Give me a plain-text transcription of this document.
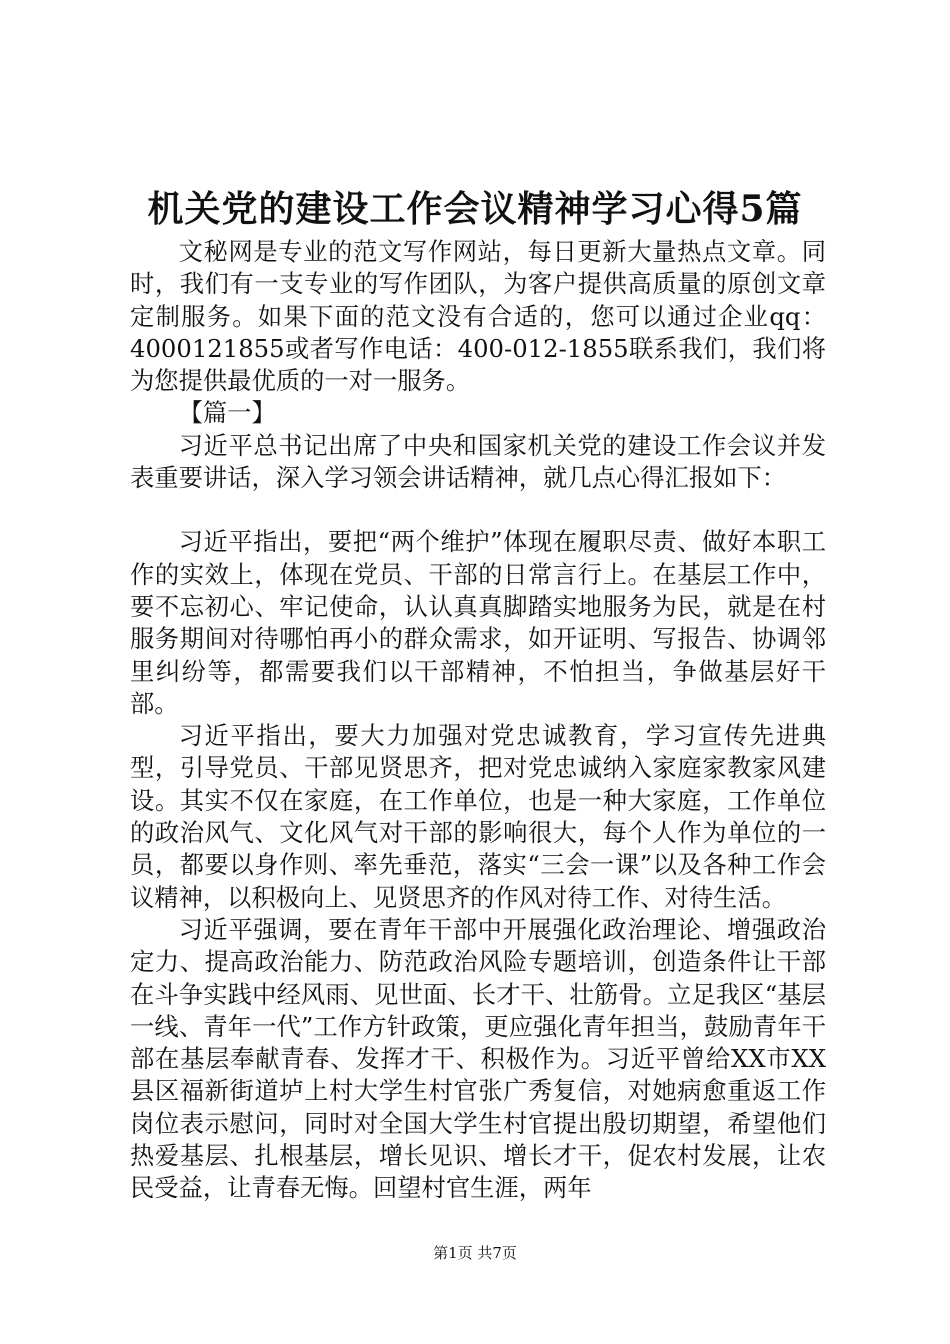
机关党的建设工作会议精神学习心得5篇

文秘网是专业的范文写作网站，每日更新大量热点文章。同时，我们有一支专业的写作团队，为客户提供高质量的原创文章定制服务。如果下面的范文没有合适的，您可以通过企业qq：4000121855或者写作电话：400-012-1855联系我们，我们将为您提供最优质的一对一服务。

【篇一】

习近平总书记出席了中央和国家机关党的建设工作会议并发表重要讲话，深入学习领会讲话精神，就几点心得汇报如下：

习近平指出，要把“两个维护”体现在履职尽责、做好本职工作的实效上，体现在党员、干部的日常言行上。在基层工作中，要不忘初心、牢记使命，认认真真脚踏实地服务为民，就是在村服务期间对待哪怕再小的群众需求，如开证明、写报告、协调邻里纠纷等，都需要我们以干部精神，不怕担当，争做基层好干部。

习近平指出，要大力加强对党忠诚教育，学习宣传先进典型，引导党员、干部见贤思齐，把对党忠诚纳入家庭家教家风建设。其实不仅在家庭，在工作单位，也是一种大家庭，工作单位的政治风气、文化风气对干部的影响很大，每个人作为单位的一员，都要以身作则、率先垂范，落实“三会一课”以及各种工作会议精神，以积极向上、见贤思齐的作风对待工作、对待生活。

习近平强调，要在青年干部中开展强化政治理论、增强政治定力、提高政治能力、防范政治风险专题培训，创造条件让干部在斗争实践中经风雨、见世面、长才干、壮筋骨。立足我区“基层一线、青年一代”工作方针政策，更应强化青年担当，鼓励青年干部在基层奉献青春、发挥才干、积极作为。习近平曾给XX市XX县区福新街道垆上村大学生村官张广秀复信，对她病愈重返工作岗位表示慰问，同时对全国大学生村官提出殷切期望，希望他们热爱基层、扎根基层，增长见识、增长才干，促农村发展，让农民受益，让青春无悔。回望村官生涯，两年

第1页 共7页
